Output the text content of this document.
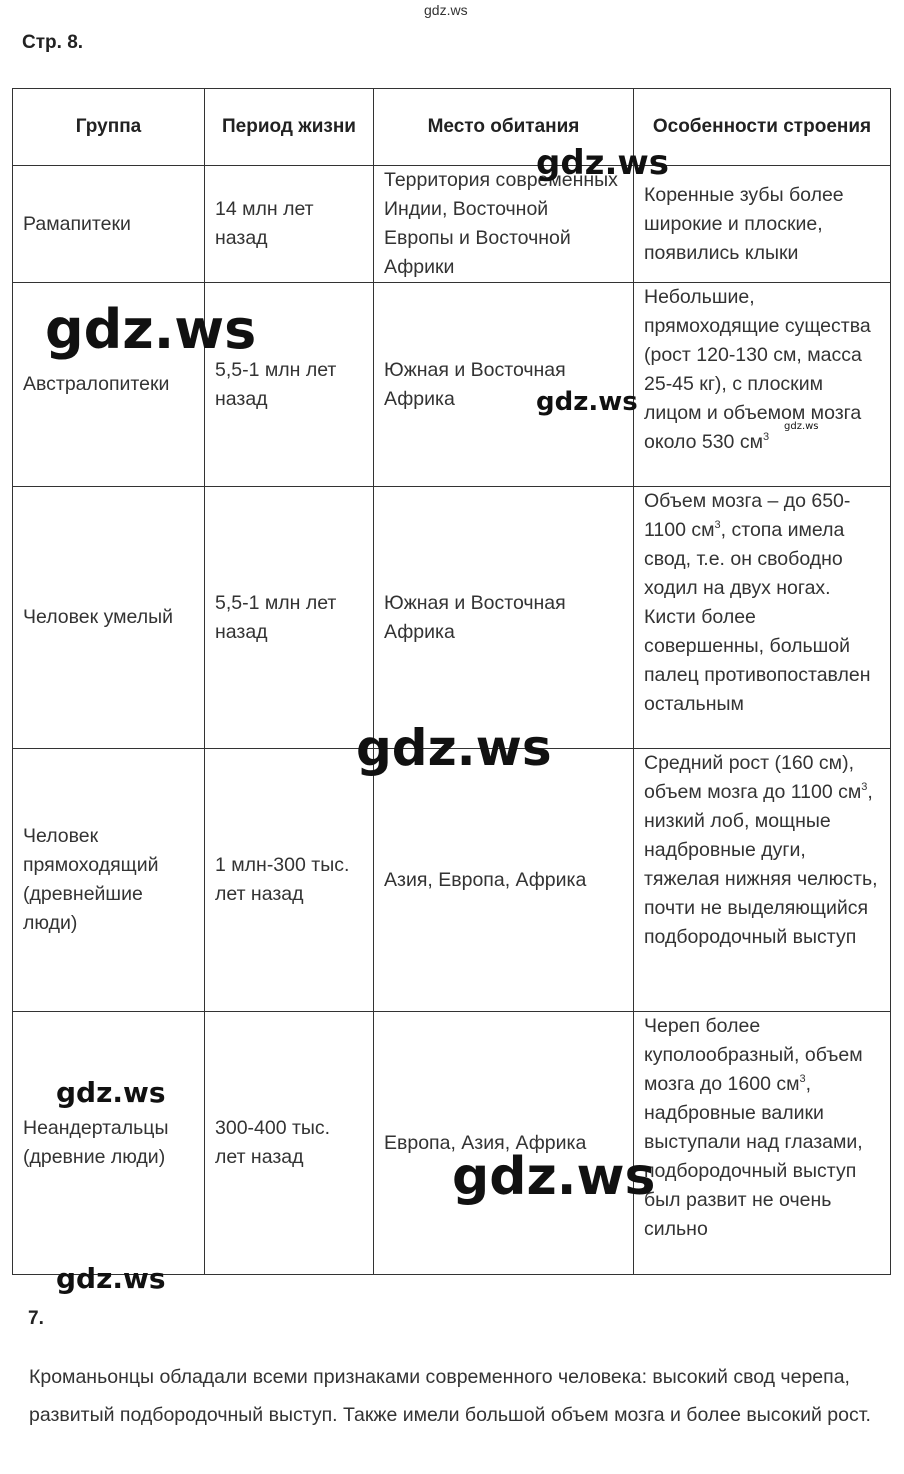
gdz.ws
Стр. 8.
Группа	Период жизни	Место обитания	Особенности строения
Рамапитеки	14 млн лет назад	Территория современных Индии, Восточной Европы и Восточной Африки	Коренные зубы более широкие и плоские, появились клыки
Австралопитеки	5,5-1 млн лет назад	Южная и Восточная Африка	Небольшие, прямоходящие существа (рост 120-130 см, масса 25-45 кг), с плоским лицом и объемом мозга около 530 $см^3$
Человек умелый	5,5-1 млн лет назад	Южная и Восточная Африка	Объем мозга – до 650-1100 $см^3$, стопа имела свод, т.е. он свободно ходил на двух ногах. Кисти более совершенны, большой палец противопоставлен остальным
Человек прямоходящий (древнейшие люди)	1 млн-300 тыс. лет назад	Азия, Европа, Африка	Средний рост (160 см), объем мозга до 1100 $см^3$, низкий лоб, мощные надбровные дуги, тяжелая нижняя челюсть, почти не выделяющийся подбородочный выступ
Неандертальцы (древние люди)	300-400 тыс. лет назад	Европа, Азия, Африка	Череп более куполообразный, объем мозга до 1600 $см^3$, надбровные валики выступали над глазами, подбородочный выступ был развит не очень сильно
gdz.ws
gdz.ws
gdz.ws
gdz.ws
gdz.ws
gdz.ws
gdz.ws
gdz.ws
7.

Кроманьонцы обладали всеми признаками современного человека: высокий свод черепа, развитый подбородочный выступ. Также имели большой объем мозга и более высокий рост.
